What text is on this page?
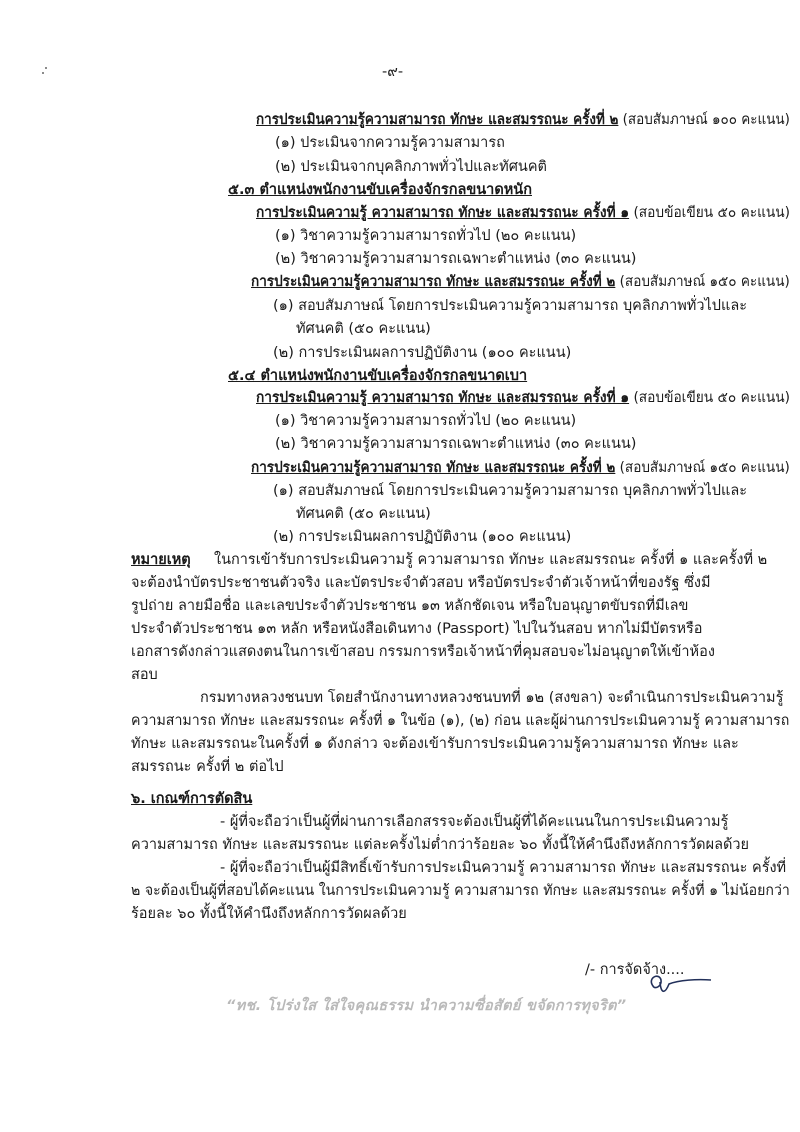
-๙-
การประเมินความรู้ความสามารถ ทักษะ และสมรรถนะ ครั้งที่ ๒ (สอบสัมภาษณ์ ๑๐๐ คะแนน)
(๑) ประเมินจากความรู้ความสามารถ
(๒) ประเมินจากบุคลิกภาพทั่วไปและทัศนคติ
๕.๓ ตำแหน่งพนักงานขับเครื่องจักรกลขนาดหนัก
การประเมินความรู้ ความสามารถ ทักษะ และสมรรถนะ ครั้งที่ ๑ (สอบข้อเขียน ๕๐ คะแนน)
(๑) วิชาความรู้ความสามารถทั่วไป (๒๐ คะแนน)
(๒) วิชาความรู้ความสามารถเฉพาะตำแหน่ง (๓๐ คะแนน)
การประเมินความรู้ความสามารถ ทักษะ และสมรรถนะ ครั้งที่ ๒ (สอบสัมภาษณ์ ๑๕๐ คะแนน)
(๑) สอบสัมภาษณ์ โดยการประเมินความรู้ความสามารถ บุคลิกภาพทั่วไปและ
ทัศนคติ (๕๐ คะแนน)
(๒) การประเมินผลการปฏิบัติงาน (๑๐๐ คะแนน)
๕.๔ ตำแหน่งพนักงานขับเครื่องจักรกลขนาดเบา
การประเมินความรู้ ความสามารถ ทักษะ และสมรรถนะ ครั้งที่ ๑ (สอบข้อเขียน ๕๐ คะแนน)
(๑) วิชาความรู้ความสามารถทั่วไป (๒๐ คะแนน)
(๒) วิชาความรู้ความสามารถเฉพาะตำแหน่ง (๓๐ คะแนน)
การประเมินความรู้ความสามารถ ทักษะ และสมรรถนะ ครั้งที่ ๒ (สอบสัมภาษณ์ ๑๕๐ คะแนน)
(๑) สอบสัมภาษณ์ โดยการประเมินความรู้ความสามารถ บุคลิกภาพทั่วไปและ
ทัศนคติ (๕๐ คะแนน)
(๒) การประเมินผลการปฏิบัติงาน (๑๐๐ คะแนน)
หมายเหตุ ในการเข้ารับการประเมินความรู้ ความสามารถ ทักษะ และสมรรถนะ ครั้งที่ ๑ และครั้งที่ ๒
จะต้องนำบัตรประชาชนตัวจริง และบัตรประจำตัวสอบ หรือบัตรประจำตัวเจ้าหน้าที่ของรัฐ ซึ่งมี
รูปถ่าย ลายมือชื่อ และเลขประจำตัวประชาชน ๑๓ หลักชัดเจน หรือใบอนุญาตขับรถที่มีเลข
ประจำตัวประชาชน ๑๓ หลัก หรือหนังสือเดินทาง (Passport) ไปในวันสอบ หากไม่มีบัตรหรือ
เอกสารดังกล่าวแสดงตนในการเข้าสอบ กรรมการหรือเจ้าหน้าที่คุมสอบจะไม่อนุญาตให้เข้าห้อง
สอบ
กรมทางหลวงชนบท โดยสำนักงานทางหลวงชนบทที่ ๑๒ (สงขลา) จะดำเนินการประเมินความรู้
ความสามารถ ทักษะ และสมรรถนะ ครั้งที่ ๑ ในข้อ (๑), (๒) ก่อน และผู้ผ่านการประเมินความรู้ ความสามารถ
ทักษะ และสมรรถนะในครั้งที่ ๑ ดังกล่าว จะต้องเข้ารับการประเมินความรู้ความสามารถ ทักษะ และ
สมรรถนะ ครั้งที่ ๒ ต่อไป
๖. เกณฑ์การตัดสิน
- ผู้ที่จะถือว่าเป็นผู้ที่ผ่านการเลือกสรรจะต้องเป็นผู้ที่ได้คะแนนในการประเมินความรู้
ความสามารถ ทักษะ และสมรรถนะ แต่ละครั้งไม่ต่ำกว่าร้อยละ ๖๐ ทั้งนี้ให้คำนึงถึงหลักการวัดผลด้วย
- ผู้ที่จะถือว่าเป็นผู้มีสิทธิ์เข้ารับการประเมินความรู้ ความสามารถ ทักษะ และสมรรถนะ ครั้งที่
๒ จะต้องเป็นผู้ที่สอบได้คะแนน ในการประเมินความรู้ ความสามารถ ทักษะ และสมรรถนะ ครั้งที่ ๑ ไม่น้อยกว่า
ร้อยละ ๖๐ ทั้งนี้ให้คำนึงถึงหลักการวัดผลด้วย
/- การจัดจ้าง....
“ทช. โปร่งใส ใส่ใจคุณธรรม นำความซื่อสัตย์ ขจัดการทุจริต”
